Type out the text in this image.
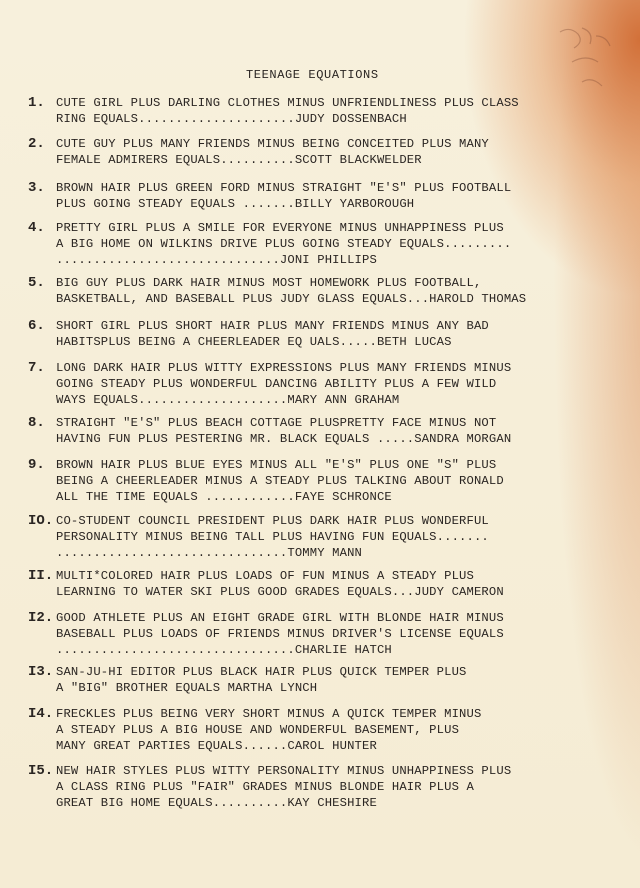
TEENAGE EQUATIONS
1. CUTE GIRL PLUS DARLING CLOTHES MINUS UNFRIENDLINESS PLUS CLASS
RING EQUALS.....................JUDY DOSSENBACH
2. CUTE GUY PLUS MANY FRIENDS MINUS BEING CONCEITED PLUS MANY
FEMALE ADMIRERS EQUALS..........SCOTT BLACKWELDER
3. BROWN HAIR PLUS GREEN FORD MINUS STRAIGHT "E'S" PLUS FOOTBALL
PLUS GOING STEADY EQUALS .......BILLY YARBOROUGH
4. PRETTY GIRL PLUS A SMILE FOR EVERYONE MINUS UNHAPPINESS PLUS
A BIG HOME ON WILKINS DRIVE PLUS GOING STEADY EQUALS.........
..............................JONI PHILLIPS
5. BIG GUY PLUS DARK HAIR MINUS MOST HOMEWORK PLUS FOOTBALL,
BASKETBALL, AND BASEBALL PLUS JUDY GLASS EQUALS...HAROLD THOMAS
6. SHORT GIRL PLUS SHORT HAIR PLUS MANY FRIENDS MINUS ANY BAD
HABITSPLUS BEING A CHEERLEADER EQ UALS.....BETH LUCAS
7. LONG DARK HAIR PLUS WITTY EXPRESSIONS PLUS MANY FRIENDS MINUS
GOING STEADY PLUS WONDERFUL DANCING ABILITY PLUS A FEW WILD
WAYS EQUALS....................MARY ANN GRAHAM
8. STRAIGHT "E'S" PLUS BEACH COTTAGE PLUSPRETTY FACE MINUS NOT
HAVING FUN PLUS PESTERING MR. BLACK EQUALS .....SANDRA MORGAN
9. BROWN HAIR PLUS BLUE EYES MINUS ALL "E'S" PLUS ONE "S" PLUS
BEING A CHEERLEADER MINUS A STEADY PLUS TALKING ABOUT RONALD
ALL THE TIME EQUALS ............FAYE SCHRONCE
IO. CO-STUDENT COUNCIL PRESIDENT PLUS DARK HAIR PLUS WONDERFUL
PERSONALITY MINUS BEING TALL PLUS HAVING FUN EQUALS.......
...............................TOMMY MANN
II. MULTI*COLORED HAIR PLUS LOADS OF FUN MINUS A STEADY PLUS
LEARNING TO WATER SKI PLUS GOOD GRADES EQUALS...JUDY CAMERON
I2. GOOD ATHLETE PLUS AN EIGHT GRADE GIRL WITH BLONDE HAIR MINUS
BASEBALL PLUS LOADS OF FRIENDS MINUS DRIVER'S LICENSE EQUALS
................................CHARLIE HATCH
I3. SAN-JU-HI EDITOR PLUS BLACK HAIR PLUS QUICK TEMPER PLUS
A "BIG" BROTHER EQUALS MARTHA LYNCH
I4. FRECKLES PLUS BEING VERY SHORT MINUS A QUICK TEMPER MINUS
A STEADY PLUS A BIG HOUSE AND WONDERFUL BASEMENT, PLUS
MANY GREAT PARTIES EQUALS......CAROL HUNTER
I5. NEW HAIR STYLES PLUS WITTY PERSONALITY MINUS UNHAPPINESS PLUS
A CLASS RING PLUS "FAIR" GRADES MINUS BLONDE HAIR PLUS A
GREAT BIG HOME EQUALS..........KAY CHESHIRE
